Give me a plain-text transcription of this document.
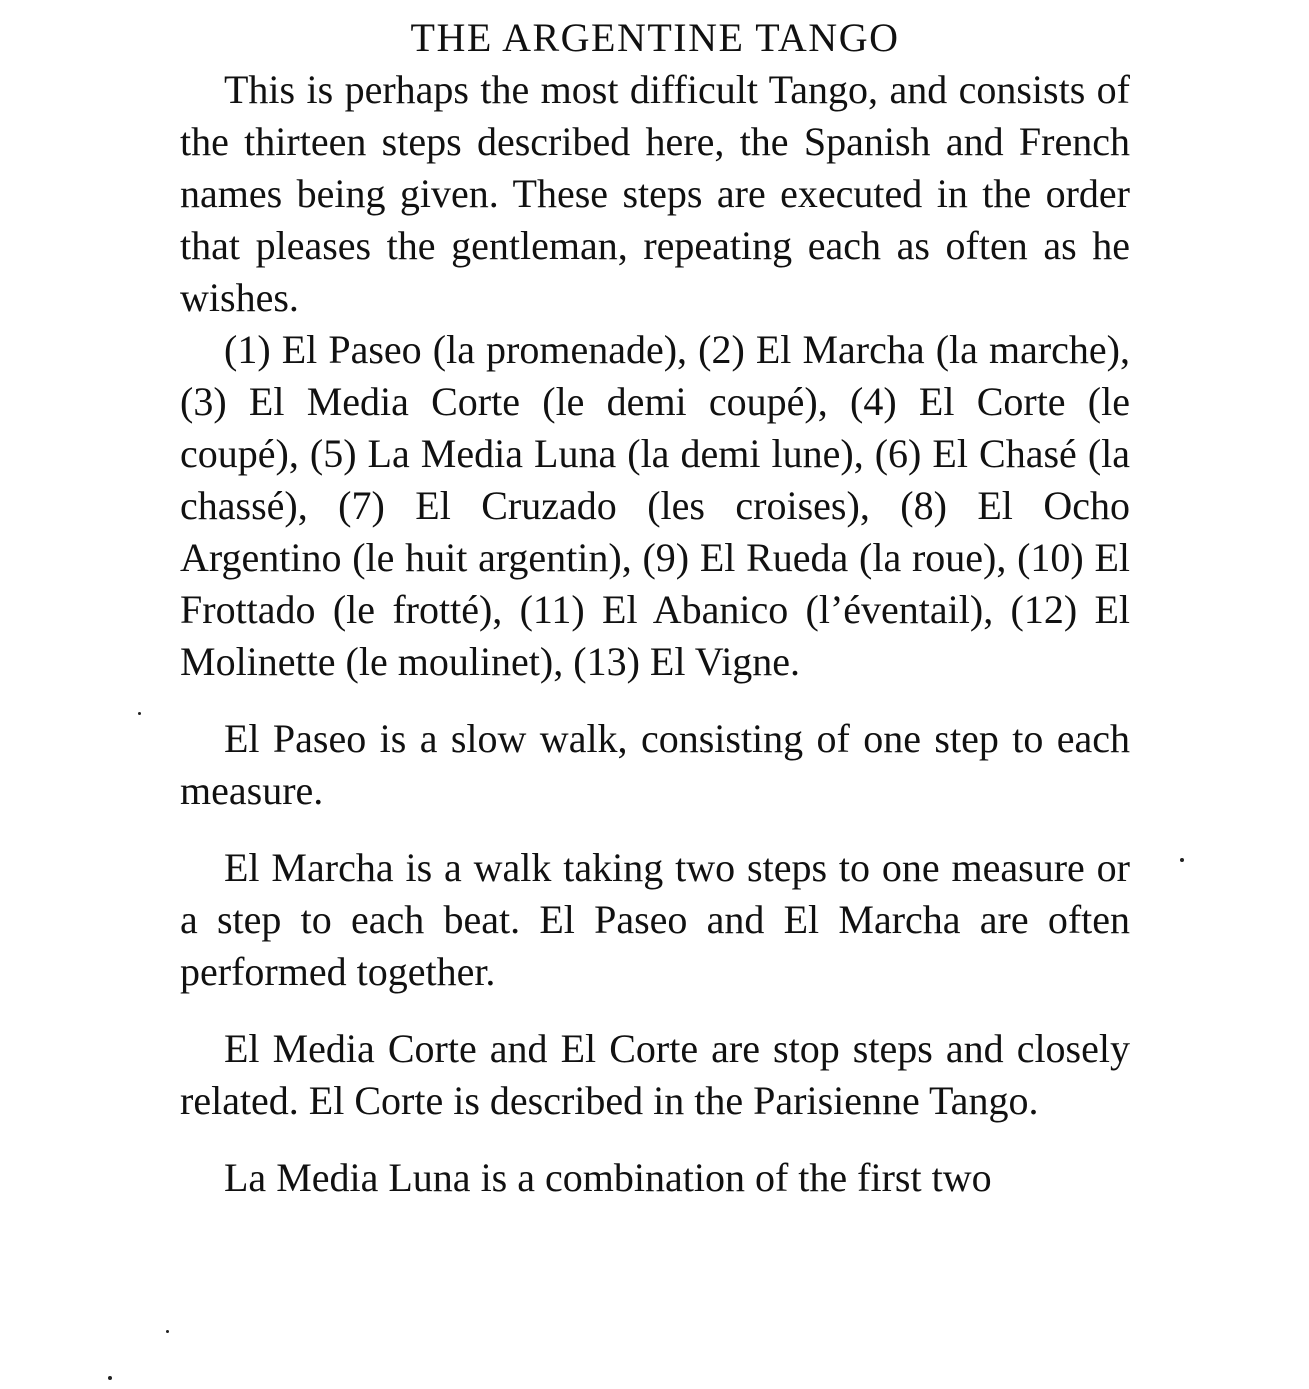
THE ARGENTINE TANGO

This is perhaps the most difficult Tango, and consists of the thirteen steps described here, the Spanish and French names being given. These steps are executed in the order that pleases the gentleman, repeating each as often as he wishes.

(1) El Paseo (la promenade), (2) El Marcha (la marche), (3) El Media Corte (le demi coupé), (4) El Corte (le coupé), (5) La Media Luna (la demi lune), (6) El Chasé (la chassé), (7) El Cruzado (les croises), (8) El Ocho Argentino (le huit argentin), (9) El Rueda (la roue), (10) El Frottado (le frotté), (11) El Abanico (l’éventail), (12) El Molinette (le moulinet), (13) El Vigne.

El Paseo is a slow walk, consisting of one step to each measure.

El Marcha is a walk taking two steps to one measure or a step to each beat. El Paseo and El Marcha are often performed together.

El Media Corte and El Corte are stop steps and closely related. El Corte is described in the Parisienne Tango.

La Media Luna is a combination of the first two
